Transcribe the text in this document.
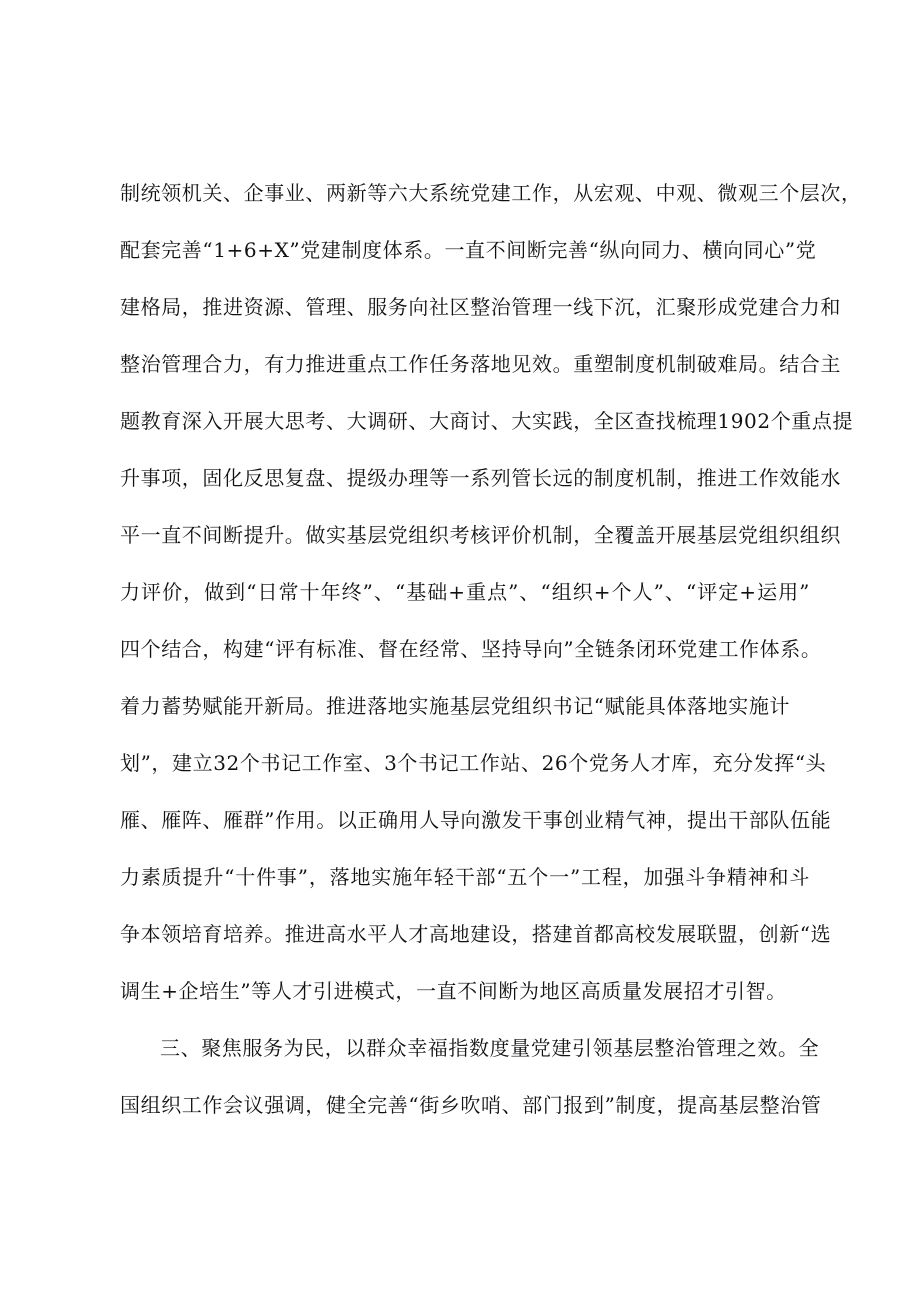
制统领机关、企事业、两新等六大系统党建工作，从宏观、中观、微观三个层次，
配套完善“1+6+X”党建制度体系。一直不间断完善“纵向同力、横向同心”党
建格局，推进资源、管理、服务向社区整治管理一线下沉，汇聚形成党建合力和
整治管理合力，有力推进重点工作任务落地见效。重塑制度机制破难局。结合主
题教育深入开展大思考、大调研、大商讨、大实践，全区查找梳理1902个重点提
升事项，固化反思复盘、提级办理等一系列管长远的制度机制，推进工作效能水
平一直不间断提升。做实基层党组织考核评价机制，全覆盖开展基层党组织组织
力评价，做到“日常十年终”、“基础+重点”、“组织+个人”、“评定+运用”
四个结合，构建“评有标准、督在经常、坚持导向”全链条闭环党建工作体系。
着力蓄势赋能开新局。推进落地实施基层党组织书记“赋能具体落地实施计
划”，建立32个书记工作室、3个书记工作站、26个党务人才库，充分发挥“头
雁、雁阵、雁群”作用。以正确用人导向激发干事创业精气神，提出干部队伍能
力素质提升“十件事”，落地实施年轻干部“五个一”工程，加强斗争精神和斗
争本领培育培养。推进高水平人才高地建设，搭建首都高校发展联盟，创新“选
调生+企培生”等人才引进模式，一直不间断为地区高质量发展招才引智。
三、聚焦服务为民，以群众幸福指数度量党建引领基层整治管理之效。全
国组织工作会议强调，健全完善“街乡吹哨、部门报到”制度，提高基层整治管
